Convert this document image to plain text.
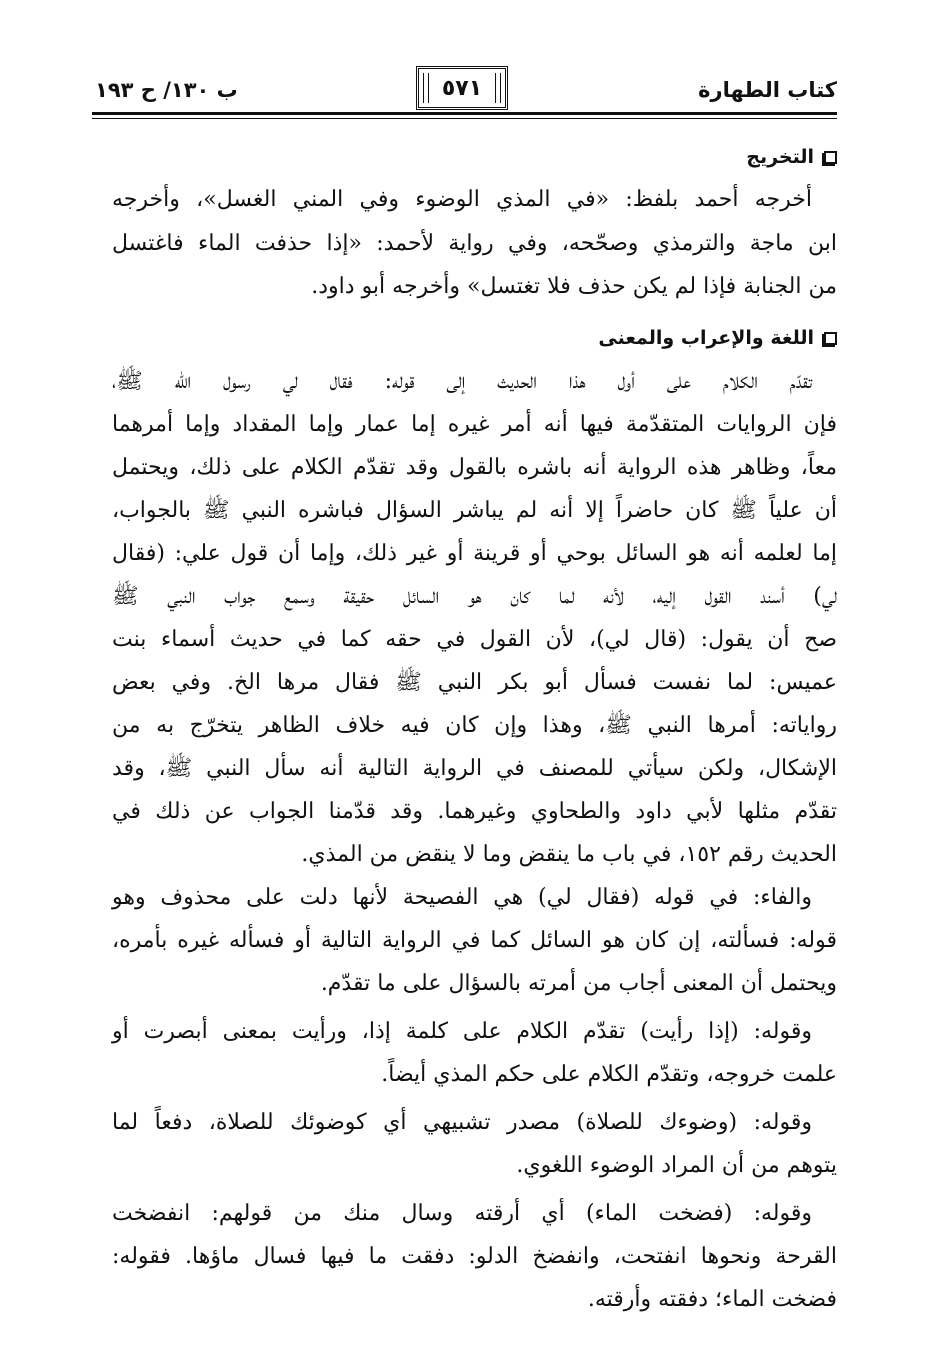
كتاب الطهارة
٥٧١
ب ١٣٠/ ح ١٩٣
التخريج
أخرجه أحمد بلفظ: «في المذي الوضوء وفي المني الغسل»، وأخرجه
ابن ماجة والترمذي وصحّحه، وفي رواية لأحمد: «إذا حذفت الماء فاغتسل
من الجنابة فإذا لم يكن حذف فلا تغتسل» وأخرجه أبو داود.
اللغة والإعراب والمعنى
تقدّم الكلام على أول هذا الحديث إلى قوله: فقال لي رسول الله ﷺ،
فإن الروايات المتقدّمة فيها أنه أمر غيره إما عمار وإما المقداد وإما أمرهما
معاً، وظاهر هذه الرواية أنه باشره بالقول وقد تقدّم الكلام على ذلك، ويحتمل
أن علياً ﷺ كان حاضراً إلا أنه لم يباشر السؤال فباشره النبي ﷺ بالجواب،
إما لعلمه أنه هو السائل بوحي أو قرينة أو غير ذلك، وإما أن قول علي: (فقال
لي) أسند القول إليه، لأنه لما كان هو السائل حقيقة وسمع جواب النبي ﷺ
صح أن يقول: (قال لي)، لأن القول في حقه كما في حديث أسماء بنت
عميس: لما نفست فسأل أبو بكر النبي ﷺ فقال مرها الخ. وفي بعض
رواياته: أمرها النبي ﷺ، وهذا وإن كان فيه خلاف الظاهر يتخرّج به من
الإشكال، ولكن سيأتي للمصنف في الرواية التالية أنه سأل النبي ﷺ، وقد
تقدّم مثلها لأبي داود والطحاوي وغيرهما. وقد قدّمنا الجواب عن ذلك في
الحديث رقم ١٥٢، في باب ما ينقض وما لا ينقض من المذي.
والفاء: في قوله (فقال لي) هي الفصيحة لأنها دلت على محذوف وهو
قوله: فسألته، إن كان هو السائل كما في الرواية التالية أو فسأله غيره بأمره،
ويحتمل أن المعنى أجاب من أمرته بالسؤال على ما تقدّم.
وقوله: (إذا رأيت) تقدّم الكلام على كلمة إذا، ورأيت بمعنى أبصرت أو
علمت خروجه، وتقدّم الكلام على حكم المذي أيضاً.
وقوله: (وضوءك للصلاة) مصدر تشبيهي أي كوضوئك للصلاة، دفعاً لما
يتوهم من أن المراد الوضوء اللغوي.
وقوله: (فضخت الماء) أي أرقته وسال منك من قولهم: انفضخت
القرحة ونحوها انفتحت، وانفضخ الدلو: دفقت ما فيها فسال ماؤها. فقوله:
فضخت الماء؛ دفقته وأرقته.
